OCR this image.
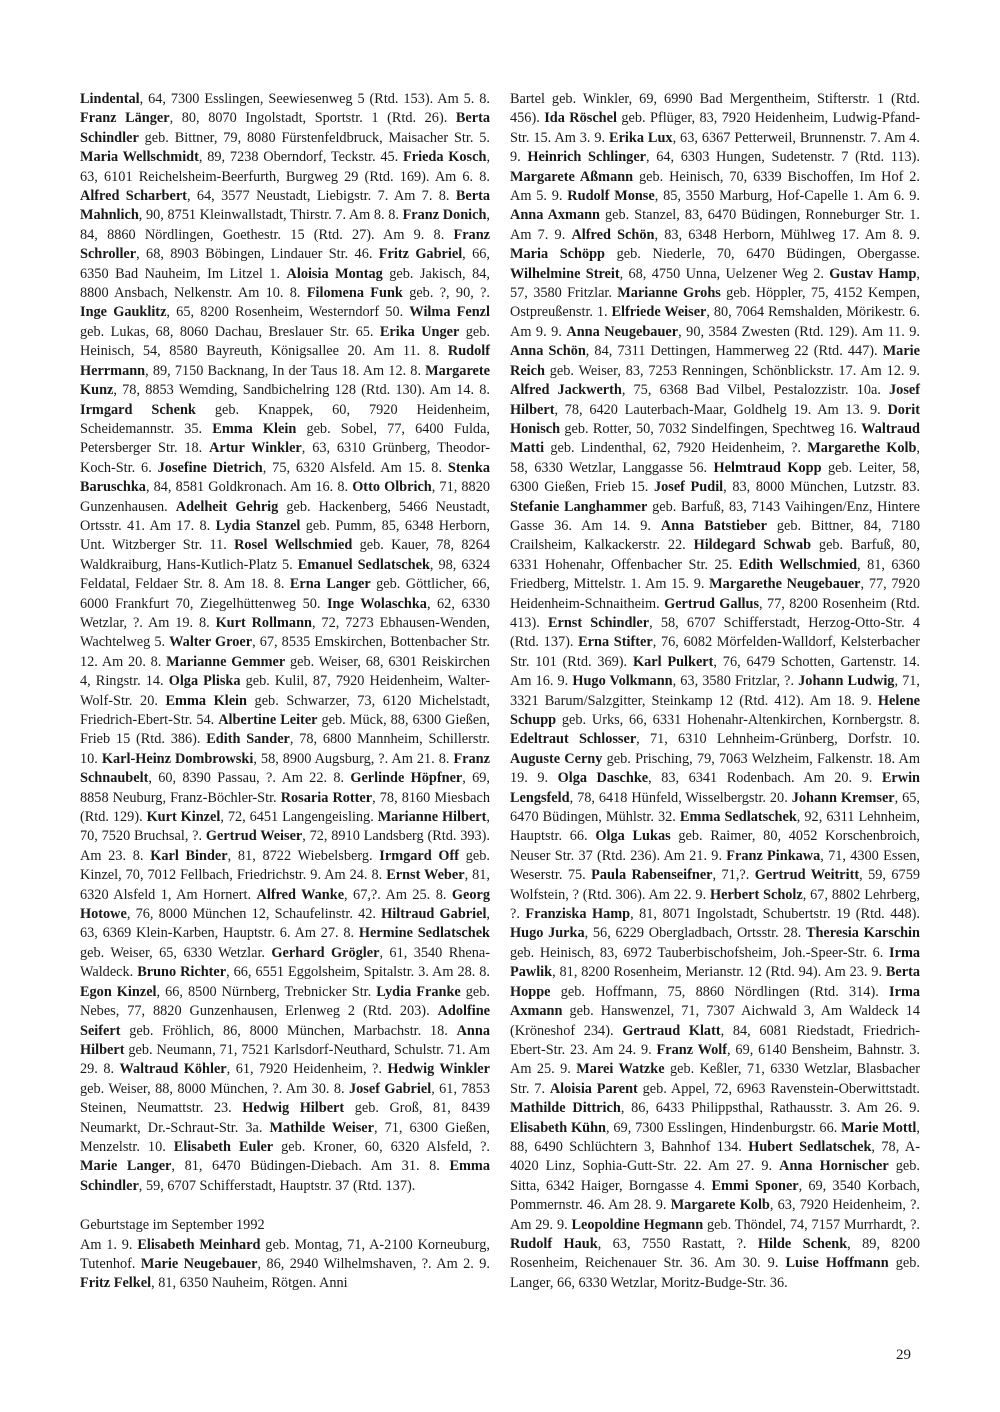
Lindental, 64, 7300 Esslingen, Seewiesenweg 5 (Rtd. 153). Am 5. 8. Franz Länger, 80, 8070 Ingolstadt, Sportstr. 1 (Rtd. 26). Berta Schindler geb. Bittner, 79, 8080 Fürstenfeldbruck, Maisacher Str. 5. Maria Wellschmidt, 89, 7238 Oberndorf, Teckstr. 45. Frieda Kosch, 63, 6101 Reichelsheim-Beerfurth, Burgweg 29 (Rtd. 169). Am 6. 8. Alfred Scharbert, 64, 3577 Neustadt, Liebigstr. 7. Am 7. 8. Berta Mahnlich, 90, 8751 Kleinwallstadt, Thirstr. 7. Am 8. 8. Franz Donich, 84, 8860 Nördlingen, Goethestr. 15 (Rtd. 27). Am 9. 8. Franz Schroller, 68, 8903 Böbingen, Lindauer Str. 46. Fritz Gabriel, 66, 6350 Bad Nauheim, Im Litzel 1. Aloisia Montag geb. Jakisch, 84, 8800 Ansbach, Nelkenstr. Am 10. 8. Filomena Funk geb. ?, 90, ?. Inge Gauklitz, 65, 8200 Rosenheim, Westerndorf 50. Wilma Fenzl geb. Lukas, 68, 8060 Dachau, Breslauer Str. 65. Erika Unger geb. Heinisch, 54, 8580 Bayreuth, Königsallee 20. Am 11. 8. Rudolf Herrmann, 89, 7150 Backnang, In der Taus 18. Am 12. 8. Margarete Kunz, 78, 8853 Wemding, Sandbichelring 128 (Rtd. 130). Am 14. 8. Irmgard Schenk geb. Knappek, 60, 7920 Heidenheim, Scheidemannstr. 35. Emma Klein geb. Sobel, 77, 6400 Fulda, Petersberger Str. 18. Artur Winkler, 63, 6310 Grünberg, Theodor-Koch-Str. 6. Josefine Dietrich, 75, 6320 Alsfeld. Am 15. 8. Stenka Baruschka, 84, 8581 Goldkronach. Am 16. 8. Otto Olbrich, 71, 8820 Gunzenhausen. Adelheit Gehrig geb. Hackenberg, 5466 Neustadt, Ortsstr. 41. Am 17. 8. Lydia Stanzel geb. Pumm, 85, 6348 Herborn, Unt. Witzberger Str. 11. Rosel Wellschmied geb. Kauer, 78, 8264 Waldkraiburg, Hans-Kutlich-Platz 5. Emanuel Sedlatschek, 98, 6324 Feldatal, Feldaer Str. 8. Am 18. 8. Erna Langer geb. Göttlicher, 66, 6000 Frankfurt 70, Ziegelhüttenweg 50. Inge Wolaschka, 62, 6330 Wetzlar, ?. Am 19. 8. Kurt Rollmann, 72, 7273 Ebhausen-Wenden, Wachtelweg 5. Walter Groer, 67, 8535 Emskirchen, Bottenbacher Str. 12. Am 20. 8. Marianne Gemmer geb. Weiser, 68, 6301 Reiskirchen 4, Ringstr. 14. Olga Pliska geb. Kulil, 87, 7920 Heidenheim, Walter-Wolf-Str. 20. Emma Klein geb. Schwarzer, 73, 6120 Michelstadt, Friedrich-Ebert-Str. 54. Albertine Leiter geb. Mück, 88, 6300 Gießen, Frieb 15 (Rtd. 386). Edith Sander, 78, 6800 Mannheim, Schillerstr. 10. Karl-Heinz Dombrowski, 58, 8900 Augsburg, ?. Am 21. 8. Franz Schnaubelt, 60, 8390 Passau, ?. Am 22. 8. Gerlinde Höpfner, 69, 8858 Neuburg, Franz-Böchler-Str. Rosaria Rotter, 78, 8160 Miesbach (Rtd. 129). Kurt Kinzel, 72, 6451 Langengeisling. Marianne Hilbert, 70, 7520 Bruchsal, ?. Gertrud Weiser, 72, 8910 Landsberg (Rtd. 393). Am 23. 8. Karl Binder, 81, 8722 Wiebelsberg. Irmgard Off geb. Kinzel, 70, 7012 Fellbach, Friedrichstr. 9. Am 24. 8. Ernst Weber, 81, 6320 Alsfeld 1, Am Hornert. Alfred Wanke, 67,?. Am 25. 8. Georg Hotowe, 76, 8000 München 12, Schaufelinstr. 42. Hiltraud Gabriel, 63, 6369 Klein-Karben, Hauptstr. 6. Am 27. 8. Hermine Sedlatschek geb. Weiser, 65, 6330 Wetzlar. Gerhard Grögler, 61, 3540 Rhena-Waldeck. Bruno Richter, 66, 6551 Eggolsheim, Spitalstr. 3. Am 28. 8. Egon Kinzel, 66, 8500 Nürnberg, Trebnicker Str. Lydia Franke geb. Nebes, 77, 8820 Gunzenhausen, Erlenweg 2 (Rtd. 203). Adolfine Seifert geb. Fröhlich, 86, 8000 München, Marbachstr. 18. Anna Hilbert geb. Neumann, 71, 7521 Karlsdorf-Neuthard, Schulstr. 71. Am 29. 8. Waltraud Köhler, 61, 7920 Heidenheim, ?. Hedwig Winkler geb. Weiser, 88, 8000 München, ?. Am 30. 8. Josef Gabriel, 61, 7853 Steinen, Neumattstr. 23. Hedwig Hilbert geb. Groß, 81, 8439 Neumarkt, Dr.-Schraut-Str. 3a. Mathilde Weiser, 71, 6300 Gießen, Menzelstr. 10. Elisabeth Euler geb. Kroner, 60, 6320 Alsfeld, ?. Marie Langer, 81, 6470 Büdingen-Diebach. Am 31. 8. Emma Schindler, 59, 6707 Schifferstadt, Hauptstr. 37 (Rtd. 137).

Geburtstage im September 1992

Am 1. 9. Elisabeth Meinhard geb. Montag, 71, A-2100 Korneuburg, Tutenhof. Marie Neugebauer, 86, 2940 Wilhelmshaven, ?. Am 2. 9. Fritz Felkel, 81, 6350 Nauheim, Rötgen. Anni

Bartel geb. Winkler, 69, 6990 Bad Mergentheim, Stifterstr. 1 (Rtd. 456). Ida Röschel geb. Pflüger, 83, 7920 Heidenheim, Ludwig-Pfand-Str. 15. Am 3. 9. Erika Lux, 63, 6367 Petterweil, Brunnenstr. 7. Am 4. 9. Heinrich Schlinger, 64, 6303 Hungen, Sudetenstr. 7 (Rtd. 113). Margarete Aßmann geb. Heinisch, 70, 6339 Bischoffen, Im Hof 2. Am 5. 9. Rudolf Monse, 85, 3550 Marburg, Hof-Capelle 1. Am 6. 9. Anna Axmann geb. Stanzel, 83, 6470 Büdingen, Ronneburger Str. 1. Am 7. 9. Alfred Schön, 83, 6348 Herborn, Mühlweg 17. Am 8. 9. Maria Schöpp geb. Niederle, 70, 6470 Büdingen, Obergasse. Wilhelmine Streit, 68, 4750 Unna, Uelzener Weg 2. Gustav Hamp, 57, 3580 Fritzlar. Marianne Grohs geb. Höppler, 75, 4152 Kempen, Ostpreußenstr. 1. Elfriede Weiser, 80, 7064 Remshalden, Mörikestr. 6. Am 9. 9. Anna Neugebauer, 90, 3584 Zwesten (Rtd. 129). Am 11. 9. Anna Schön, 84, 7311 Dettingen, Hammerweg 22 (Rtd. 447). Marie Reich geb. Weiser, 83, 7253 Renningen, Schönblickstr. 17. Am 12. 9. Alfred Jackwerth, 75, 6368 Bad Vilbel, Pestalozzistr. 10a. Josef Hilbert, 78, 6420 Lauterbach-Maar, Goldhelg 19. Am 13. 9. Dorit Honisch geb. Rotter, 50, 7032 Sindelfingen, Spechtweg 16. Waltraud Matti geb. Lindenthal, 62, 7920 Heidenheim, ?. Margarethe Kolb, 58, 6330 Wetzlar, Langgasse 56. Helmtraud Kopp geb. Leiter, 58, 6300 Gießen, Frieb 15. Josef Pudil, 83, 8000 München, Lutzstr. 83. Stefanie Langhammer geb. Barfuß, 83, 7143 Vaihingen/Enz, Hintere Gasse 36. Am 14. 9. Anna Batstieber geb. Bittner, 84, 7180 Crailsheim, Kalkackerstr. 22. Hildegard Schwab geb. Barfuß, 80, 6331 Hohenahr, Offenbacher Str. 25. Edith Wellschmied, 81, 6360 Friedberg, Mittelstr. 1. Am 15. 9. Margarethe Neugebauer, 77, 7920 Heidenheim-Schnaitheim. Gertrud Gallus, 77, 8200 Rosenheim (Rtd. 413). Ernst Schindler, 58, 6707 Schifferstadt, Herzog-Otto-Str. 4 (Rtd. 137). Erna Stifter, 76, 6082 Mörfelden-Walldorf, Kelsterbacher Str. 101 (Rtd. 369). Karl Pulkert, 76, 6479 Schotten, Gartenstr. 14. Am 16. 9. Hugo Volkmann, 63, 3580 Fritzlar, ?. Johann Ludwig, 71, 3321 Barum/Salzgitter, Steinkamp 12 (Rtd. 412). Am 18. 9. Helene Schupp geb. Urks, 66, 6331 Hohenahr-Altenkirchen, Kornbergstr. 8. Edeltraut Schlosser, 71, 6310 Lehnheim-Grünberg, Dorfstr. 10. Auguste Cerny geb. Prisching, 79, 7063 Welzheim, Falkenstr. 18. Am 19. 9. Olga Daschke, 83, 6341 Rodenbach. Am 20. 9. Erwin Lengsfeld, 78, 6418 Hünfeld, Wisselbergstr. 20. Johann Kremser, 65, 6470 Büdingen, Mühlstr. 32. Emma Sedlatschek, 92, 6311 Lehnheim, Hauptstr. 66. Olga Lukas geb. Raimer, 80, 4052 Korschenbroich, Neuser Str. 37 (Rtd. 236). Am 21. 9. Franz Pinkawa, 71, 4300 Essen, Weserstr. 75. Paula Rabenseifner, 71,?. Gertrud Weitritt, 59, 6759 Wolfstein, ? (Rtd. 306). Am 22. 9. Herbert Scholz, 67, 8802 Lehrberg, ?. Franziska Hamp, 81, 8071 Ingolstadt, Schubertstr. 19 (Rtd. 448). Hugo Jurka, 56, 6229 Obergladbach, Ortsstr. 28. Theresia Karschin geb. Heinisch, 83, 6972 Tauberbischofsheim, Joh.-Speer-Str. 6. Irma Pawlik, 81, 8200 Rosenheim, Merianstr. 12 (Rtd. 94). Am 23. 9. Berta Hoppe geb. Hoffmann, 75, 8860 Nördlingen (Rtd. 314). Irma Axmann geb. Hanswenzel, 71, 7307 Aichwald 3, Am Waldeck 14 (Kröneshof 234). Gertraud Klatt, 84, 6081 Riedstadt, Friedrich-Ebert-Str. 23. Am 24. 9. Franz Wolf, 69, 6140 Bensheim, Bahnstr. 3. Am 25. 9. Marei Watzke geb. Keßler, 71, 6330 Wetzlar, Blasbacher Str. 7. Aloisia Parent geb. Appel, 72, 6963 Ravenstein-Oberwittstadt. Mathilde Dittrich, 86, 6433 Philippsthal, Rathausstr. 3. Am 26. 9. Elisabeth Kühn, 69, 7300 Esslingen, Hindenburgstr. 66. Marie Mottl, 88, 6490 Schlüchtern 3, Bahnhof 134. Hubert Sedlatschek, 78, A-4020 Linz, Sophia-Gutt-Str. 22. Am 27. 9. Anna Hornischer geb. Sitta, 6342 Haiger, Borngasse 4. Emmi Sponer, 69, 3540 Korbach, Pommernstr. 46. Am 28. 9. Margarete Kolb, 63, 7920 Heidenheim, ?. Am 29. 9. Leopoldine Hegmann geb. Thöndel, 74, 7157 Murrhardt, ?. Rudolf Hauk, 63, 7550 Rastatt, ?. Hilde Schenk, 89, 8200 Rosenheim, Reichenauer Str. 36. Am 30. 9. Luise Hoffmann geb. Langer, 66, 6330 Wetzlar, Moritz-Budge-Str. 36.

29
